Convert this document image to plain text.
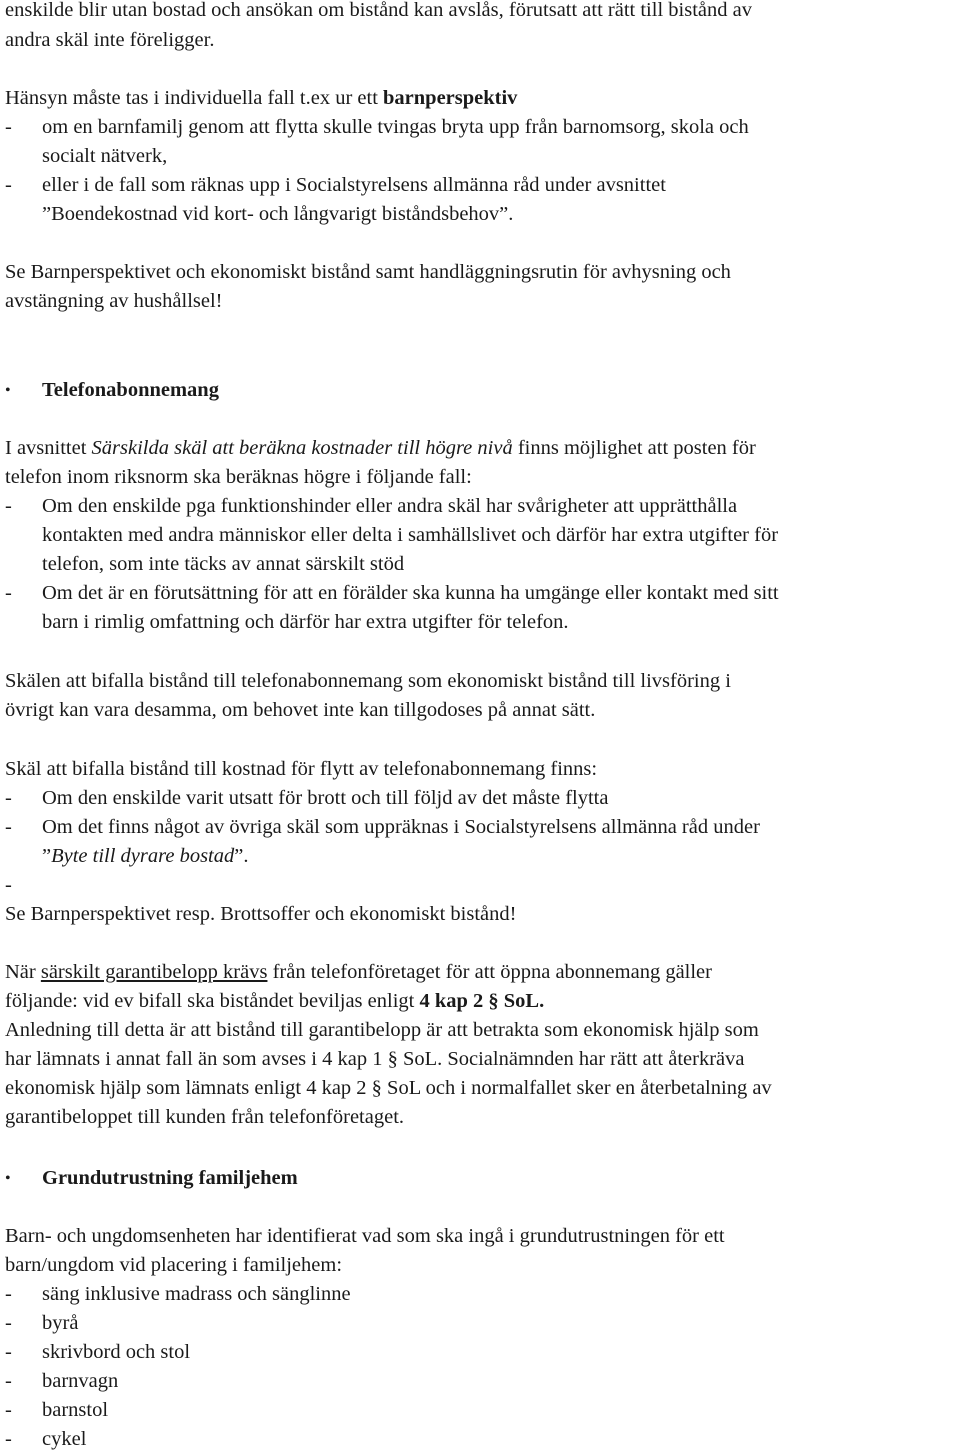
enskilde blir utan bostad och ansökan om bistånd kan avslås, förutsatt att rätt till bistånd av
andra skäl inte föreligger.
Hänsyn måste tas i individuella fall t.ex ur ett barnperspektiv
- om en barnfamilj genom att flytta skulle tvingas bryta upp från barnomsorg, skola och
socialt nätverk,
- eller i de fall som räknas upp i Socialstyrelsens allmänna råd under avsnittet
”Boendekostnad vid kort- och långvarigt biståndsbehov”.
Se Barnperspektivet och ekonomiskt bistånd samt handläggningsrutin för avhysning och
avstängning av hushållsel!
• Telefonabonnemang
I avsnittet Särskilda skäl att beräkna kostnader till högre nivå finns möjlighet att posten för
telefon inom riksnorm ska beräknas högre i följande fall:
- Om den enskilde pga funktionshinder eller andra skäl har svårigheter att upprätthålla
kontakten med andra människor eller delta i samhällslivet och därför har extra utgifter för
telefon, som inte täcks av annat särskilt stöd
- Om det är en förutsättning för att en förälder ska kunna ha umgänge eller kontakt med sitt
barn i rimlig omfattning och därför har extra utgifter för telefon.
Skälen att bifalla bistånd till telefonabonnemang som ekonomiskt bistånd till livsföring i
övrigt kan vara desamma, om behovet inte kan tillgodoses på annat sätt.
Skäl att bifalla bistånd till kostnad för flytt av telefonabonnemang finns:
- Om den enskilde varit utsatt för brott och till följd av det måste flytta
- Om det finns något av övriga skäl som uppräknas i Socialstyrelsens allmänna råd under
”Byte till dyrare bostad”.
-
Se Barnperspektivet resp. Brottsoffer och ekonomiskt bistånd!
När särskilt garantibelopp krävs från telefonföretaget för att öppna abonnemang gäller
följande: vid ev bifall ska biståndet beviljas enligt 4 kap 2 § SoL.
Anledning till detta är att bistånd till garantibelopp är att betrakta som ekonomisk hjälp som
har lämnats i annat fall än som avses i 4 kap 1 § SoL. Socialnämnden har rätt att återkräva
ekonomisk hjälp som lämnats enligt 4 kap 2 § SoL och i normalfallet sker en återbetalning av
garantibeloppet till kunden från telefonföretaget.
• Grundutrustning familjehem
Barn- och ungdomsenheten har identifierat vad som ska ingå i grundutrustningen för ett
barn/ungdom vid placering i familjehem:
- säng inklusive madrass och sänglinne
- byrå
- skrivbord och stol
- barnvagn
- barnstol
- cykel
